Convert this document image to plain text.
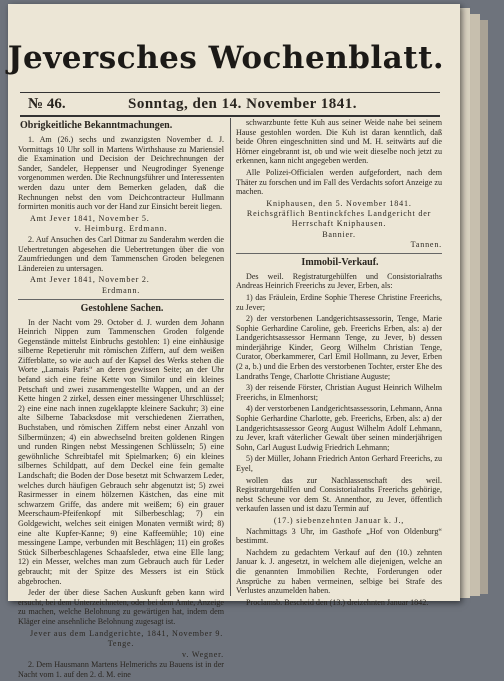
Jeversches Wochenblatt.
№ 46.	Sonntag, den 14. November 1841.
Obrigkeitliche Bekanntmachungen.
1. Am (26.) sechs und zwanzigsten November d. J. Vormittags 10 Uhr soll in Martens Wirthshause zu Mariensiel die Examination und Decision der Deichrechnungen der Sander, Sandeler, Heppenser und Neugrodinger Syenenge vorgenommen werden. Die Rechnungsführer und Interessenten werden dazu unter dem Bemerken geladen, daß die Rechnungen nebst den vom Deichcontracteur Hullmann formirten monitis auch vor der Hand zur Einsicht bereit liegen.
Amt Jever 1841, November 5.
v. Heimburg. Erdmann.
2. Auf Ansuchen des Carl Ditmar zu Sanderahm werden die Uebertretungen abgesehen die Uebertretungen über die von Zaumfriedungen und dem Tammenschen Groden belegenen Ländereien zu untersagen.
Amt Jever 1841, November 2.
Erdmann.
Gestohlene Sachen.
In der Nacht vom 29. October d. J. wurden dem Johann Heinrich Nippen zum Tammenschen Groden folgende Gegenstände mittelst Einbruchs gestohlen: 1) eine einhäusige silberne Repetieruhr mit römischen Ziffern, auf dem weißen Zifferblatte, so wie auch auf der Kapsel des Werks stehen die Worte „Lamais Paris“ an deren gewissen Seite; an der Uhr befand sich eine feine Kette von Similor und ein kleines Petschaft und zwei zusammengestellte Wappen, und an der Kette hingen 2 zirkel, dessen einer messingener Uhrschlüssel; 2) eine eine nach innen zugeklappte kleinere Sackuhr; 3) eine alte Silberne Tabacksdose mit verschiedenen Zierrathen, Buchstaben, und römischen Ziffern nebst einer Anzahl von Silbermünzen; 4) ein abwechselnd breiten goldenen Ringen und runden Ringen nebst Messingenen Schlüsseln; 5) eine gewöhnliche Schreibtafel mit Spielmarken; 6) ein kleines silbernes Schildpatt, auf dem Deckel eine fein gemalte Landschaft; die Boden der Dose besetzt mit Schwarzem Leder, welches durch häufigen Gebrauch sehr abgenutzt ist; 5) zwei Rasirmesser in einem hölzernen Kästchen, das eine mit schwarzem Griffe, das andere mit weißem; 6) ein grauer Meerschaum-Pfeifenkopf mit Silberbeschlag; 7) ein Goldgewicht, welches seit einigen Monaten vermißt wird; 8) eine alte Kupfer-Kanne; 9) eine Kaffeemühle; 10) eine messingene Lampe, verbunden mit Beschlägen; 11) ein großes Stück Silberbeschlagenes Schaafsleder, etwa eine Elle lang; 12) ein Messer, welches man zum Gebrauch auch für Leder gebraucht; mit der Spitze des Messers ist ein Stück abgebrochen.
Jeder der über diese Sachen Auskunft geben kann wird ersucht, bei dem Unterzeichneten, oder bei dem Amte, Anzeige zu machen, welche Belohnung zu gewärtigen hat, indem dem Kläger eine ansehnliche Belohnung zugesagt ist.
Jever aus dem Landgerichte, 1841, November 9.
Tenge.
v. Wegner.
2. Dem Hausmann Martens Helmerichs zu Bauens ist in der Nacht vom 1. auf den 2. d. M. eine
schwarzbunte fette Kuh aus seiner Weide nahe bei seinem Hause gestohlen worden. Die Kuh ist daran kenntlich, daß beide Ohren eingeschnitten sind und M. H. seitwärts auf die Hörner eingebrannt ist, ob und wie weit dieselbe noch jetzt zu erkennen, kann nicht angegeben werden.
Alle Polizei-Officialen werden aufgefordert, nach dem Thäter zu forschen und im Fall des Verdachts sofort Anzeige zu machen.
Kniphausen, den 5. November 1841.
Reichsgräflich Bentinckfches Landgericht der Herrschaft Kniphausen.
Bannier.
Tannen.
Immobil-Verkauf.
Des weil. Registraturgehülfen und Consistorialraths Andreas Heinrich Freerichs zu Jever, Erben, als:
1) das Fräulein, Erdine Sophie Therese Christine Freerichs, zu Jever;
2) der verstorbenen Landgerichtsassessorin, Tenge, Marie Sophie Gerhardine Caroline, geb. Freerichs Erben, als: a) der Landgerichtsassessor Hermann Tenge, zu Jever, b) dessen minderjährige Kinder, Georg Wilhelm Christian Tenge, Curator, Oberkammerer, Carl Emil Hollmann, zu Jever, Erben (2 a, b.) und die Erben des verstorbenen Tochter, erster Ehe des Landraths Tenge, Charlotte Christiane Auguste;
3) der reisende Förster, Christian August Heinrich Wilhelm Freerichs, in Elmenhorst;
4) der verstorbenen Landgerichtsassessorin, Lehmann, Anna Sophie Gerhardine Charlotte, geb. Freerichs, Erben, als: a) der Landgerichtsassessor Georg August Wilhelm Adolf Lehmann, zu Jever, kraft väterlicher Gewalt über seinen minderjährigen Sohn, Carl August Ludwig Friedrich Lehmann;
5) der Müller, Johann Friedrich Anton Gerhard Freerichs, zu Eyel,
wollen das zur Nachlassenschaft des weil. Registraturgehülfen und Consistorialraths Freerichs gehörige, nebst Scheune vor dem St. Annenthor, zu Jever, öffentlich verkaufen lassen und ist dazu Termin auf
(17.) siebenzehnten Januar k. J.,
Nachmittags 3 Uhr, im Gasthofe „Hof von Oldenburg“ bestimmt.
Nachdem zu gedachtem Verkauf auf den (10.) zehnten Januar k. J. angesetzt, in welchem alle diejenigen, welche an die genannten Immobilien Rechte, Forderungen oder Ansprüche zu haben vermeinen, selbige bei Strafe des Verlustes anzumelden haben.
Proclamsb. Bescheid den (13.) dreizehnten Januar 1842.
